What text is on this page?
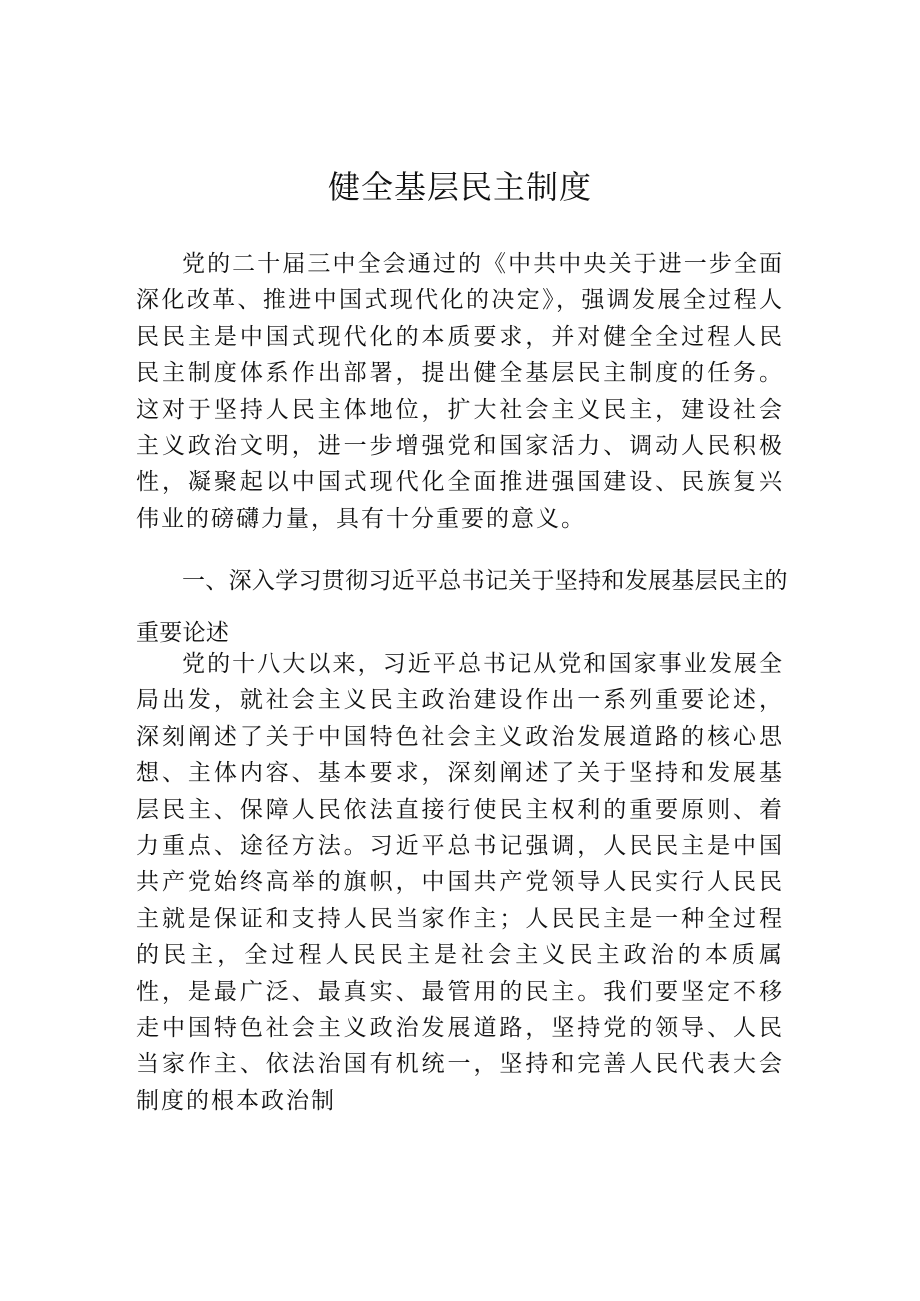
健全基层民主制度

党的二十届三中全会通过的《中共中央关于进一步全面深化改革、推进中国式现代化的决定》，强调发展全过程人民民主是中国式现代化的本质要求，并对健全全过程人民民主制度体系作出部署，提出健全基层民主制度的任务。这对于坚持人民主体地位，扩大社会主义民主，建设社会主义政治文明，进一步增强党和国家活力、调动人民积极性，凝聚起以中国式现代化全面推进强国建设、民族复兴伟业的磅礴力量，具有十分重要的意义。

一、深入学习贯彻习近平总书记关于坚持和发展基层民主的重要论述

党的十八大以来，习近平总书记从党和国家事业发展全局出发，就社会主义民主政治建设作出一系列重要论述，深刻阐述了关于中国特色社会主义政治发展道路的核心思想、主体内容、基本要求，深刻阐述了关于坚持和发展基层民主、保障人民依法直接行使民主权利的重要原则、着力重点、途径方法。习近平总书记强调，人民民主是中国共产党始终高举的旗帜，中国共产党领导人民实行人民民主就是保证和支持人民当家作主；人民民主是一种全过程的民主，全过程人民民主是社会主义民主政治的本质属性，是最广泛、最真实、最管用的民主。我们要坚定不移走中国特色社会主义政治发展道路，坚持党的领导、人民当家作主、依法治国有机统一，坚持和完善人民代表大会制度的根本政治制
